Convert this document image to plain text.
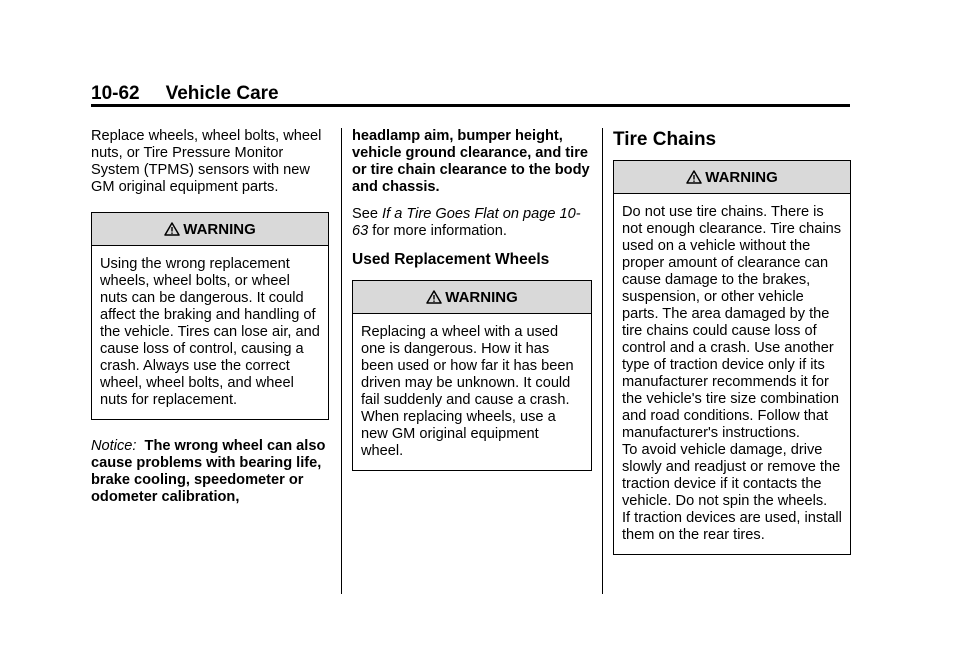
10-62 Vehicle Care

Replace wheels, wheel bolts, wheel nuts, or Tire Pressure Monitor System (TPMS) sensors with new GM original equipment parts.

WARNING
Using the wrong replacement wheels, wheel bolts, or wheel nuts can be dangerous. It could affect the braking and handling of the vehicle. Tires can lose air, and cause loss of control, causing a crash. Always use the correct wheel, wheel bolts, and wheel nuts for replacement.

Notice: The wrong wheel can also cause problems with bearing life, brake cooling, speedometer or odometer calibration,

headlamp aim, bumper height, vehicle ground clearance, and tire or tire chain clearance to the body and chassis.

See If a Tire Goes Flat on page 10-63 for more information.

Used Replacement Wheels
WARNING
Replacing a wheel with a used one is dangerous. How it has been used or how far it has been driven may be unknown. It could fail suddenly and cause a crash. When replacing wheels, use a new GM original equipment wheel.
Tire Chains
WARNING
Do not use tire chains. There is not enough clearance. Tire chains used on a vehicle without the proper amount of clearance can cause damage to the brakes, suspension, or other vehicle parts. The area damaged by the tire chains could cause loss of control and a crash. Use another type of traction device only if its manufacturer recommends it for the vehicle's tire size combination and road conditions. Follow that manufacturer's instructions.
To avoid vehicle damage, drive slowly and readjust or remove the traction device if it contacts the vehicle. Do not spin the wheels.
If traction devices are used, install them on the rear tires.
